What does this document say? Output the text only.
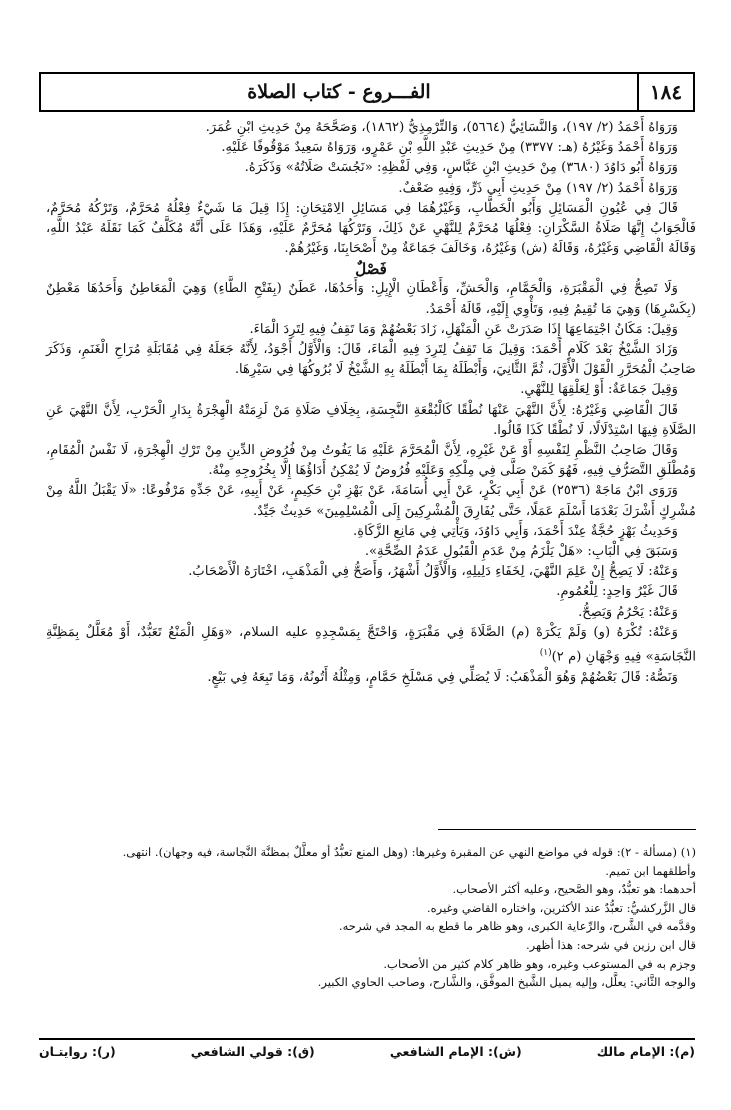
الفـــروع - كتاب الصلاة	١٨٤

وَرَوَاهُ أَحْمَدُ (٢/ ١٩٧)، وَالنَّسَائِيُّ (٥٦٦٤)، وَالتِّرْمِذِيُّ (١٨٦٢)، وَصَحَّحَهُ مِنْ حَدِيثِ ابْنِ عُمَرَ.

وَرَوَاهُ أَحْمَدُ وَغَيْرُهُ (هـ: ٣٣٧٧) مِنْ حَدِيثِ عَبْدِ اللَّهِ بْنِ عَمْرٍو، وَرَوَاهُ سَعِيدٌ مَوْقُوفًا عَلَيْهِ.

وَرَوَاهُ أَبُو دَاوُدَ (٣٦٨٠) مِنْ حَدِيثِ ابْنِ عَبَّاسٍ، وَفِي لَفْظِهِ: «نَجُسَتْ صَلَاتُهُ» وَذَكَرَهُ.

وَرَوَاهُ أَحْمَدُ (٢/ ١٩٧) مِنْ حَدِيثِ أَبِي ذَرٍّ، وَفِيهِ ضَعْفٌ.

قَالَ فِي عُيُونِ الْمَسَائِلِ وَأَبُو الْخَطَّابِ، وَغَيْرُهُمَا فِي مَسَائِلِ الِامْتِحَانِ: إِذَا قِيلَ مَا شَيْءٌ فِعْلُهُ مُحَرَّمٌ، وَتَرْكُهُ مُحَرَّمٌ، فَالْجَوَابُ إِنَّهَا صَلَاةُ السَّكْرَانِ: فِعْلُهَا مُحَرَّمٌ لِلنَّهْيِ عَنْ ذَلِكَ، وَتَرْكُهَا مُحَرَّمٌ عَلَيْهِ، وَهَذَا عَلَى أَنَّهُ مُكَلَّفٌ كَمَا نَقَلَهُ عَبْدُ اللَّهِ، وَقَالَهُ الْقَاضِي وَغَيْرُهُ، وَقَالَهُ (ش) وَغَيْرُهُ، وَخَالَفَ جَمَاعَةٌ مِنْ أَصْحَابِنَا، وَغَيْرُهُمْ.

فَصْلٌ

وَلَا تَصِحُّ فِي الْمَقْبَرَةِ، وَالْحَمَّامِ، وَالْحَشِّ، وَأَعْطَانِ الْإِبِلِ: وَأَحَدُهَا، عَطَنٌ (بِفَتْحِ الطَّاءِ) وَهِيَ الْمَعَاطِنُ وَأَحَدُهَا مَعْطِنٌ (بِكَسْرِهَا) وَهِيَ مَا تُقِيمُ فِيهِ، وَتَأْوِي إِلَيْهِ، قَالَهُ أَحْمَدُ.

وَقِيلَ: مَكَانُ اجْتِمَاعِهَا إِذَا صَدَرَتْ عَنِ الْمَنْهَلِ، زَادَ بَعْضُهُمْ وَمَا تَقِفُ فِيهِ لِتَرِدَ الْمَاءَ.

وَزَادَ الشَّيْخُ بَعْدَ كَلَامِ أَحْمَدَ: وَقِيلَ مَا تَقِفُ لِتَرِدَ فِيهِ الْمَاءَ، قَالَ: وَالْأَوَّلُ أَجْوَدُ، لِأَنَّهُ جَعَلَهُ فِي مُقَابَلَةِ مُرَاحِ الْغَنَمِ، وَذَكَرَ صَاحِبُ الْمُحَرَّرِ الْقَوْلَ الْأَوَّلَ، ثُمَّ الثَّانِيَ، وَأَبْطَلَهُ بِمَا أَبْطَلَهُ بِهِ الشَّيْخُ لَا بُرُوكُهَا فِي سَيْرِهَا.

وَقِيلَ جَمَاعَةٌ: أَوْ لِعَلْقِهَا لِلنَّهْيِ.

قَالَ الْقَاضِي وَغَيْرُهُ: لِأَنَّ النَّهْيَ عَنْهَا نُطْقًا كَالْبُقْعَةِ النَّجِسَةِ، بِخِلَافِ صَلَاةِ مَنْ لَزِمَتْهُ الْهِجْرَةُ بِدَارِ الْحَرْبِ، لِأَنَّ النَّهْيَ عَنِ الصَّلَاةِ فِيهَا اسْتِدْلَالًا، لَا نُطْقًا كَذَا قَالُوا.

وَقَالَ صَاحِبُ النَّظْمِ لِنَفْسِهِ أَوْ عَنْ غَيْرِهِ، لِأَنَّ الْمُحَرَّمَ عَلَيْهِ مَا يَفُوتُ مِنْ فُرُوضِ الدِّينِ مِنْ تَرْكِ الْهِجْرَةِ، لَا نَفْسُ الْمُقَامِ، وَمُطْلَقِ التَّصَرُّفِ فِيهِ، فَهُوَ كَمَنْ صَلَّى فِي مِلْكِهِ وَعَلَيْهِ فُرُوضٌ لَا يُمْكِنُ أَدَاؤُهَا إِلَّا بِخُرُوجِهِ مِنْهُ.

وَرَوَى ابْنُ مَاجَهْ (٢٥٣٦) عَنْ أَبِي بَكْرٍ، عَنْ أَبِي أُسَامَةَ، عَنْ بَهْزِ بْنِ حَكِيمٍ، عَنْ أَبِيهِ، عَنْ جَدِّهِ مَرْفُوعًا: «لَا يَقْبَلُ اللَّهُ مِنْ مُشْرِكٍ أَشْرَكَ بَعْدَمَا أَسْلَمَ عَمَلًا، حَتَّى يُفَارِقَ الْمُشْرِكِينَ إِلَى الْمُسْلِمِينَ» حَدِيثٌ جَيِّدٌ.

وَحَدِيثُ بَهْزٍ حُجَّةٌ عِنْدَ أَحْمَدَ، وَأَبِي دَاوُدَ، وَيَأْتِي فِي مَانِعِ الزَّكَاةِ.

وَسَبَقَ فِي الْبَابِ: «هَلْ يَلْزَمُ مِنْ عَدَمِ الْقَبُولِ عَدَمُ الصِّحَّةِ».

وَعَنْهُ: لَا يَصِحُّ إِنْ عَلِمَ النَّهْيَ، لِخَفَاءِ دَلِيلِهِ، وَالْأَوَّلُ أَشْهَرُ، وَأَصَحُّ فِي الْمَذْهَبِ، اخْتَارَهُ الْأَصْحَابُ.

قَالَ غَيْرُ وَاحِدٍ: لِلْعُمُومِ.

وَعَنْهُ: يَحْرُمُ وَيَصِحُّ.

وَعَنْهُ: تُكْرَهُ (و) وَلَمْ يَكْرَهْ (م) الصَّلَاةَ فِي مَقْبَرَةٍ، وَاحْتَجَّ بِمَسْجِدِهِ عليه السلام، «وَهَلِ الْمَنْعُ تَعَبُّدٌ، أَوْ مُعَلَّلٌ بِمَظِنَّةِ النَّجَاسَةِ» فِيهِ وَجْهَانِ (م ٢)$^{(١)}$

وَنَصُّهُ: قَالَ بَعْضُهُمْ وَهُوَ الْمَذْهَبُ: لَا يُصَلِّي فِي مَسْلَخِ حَمَّامٍ، وَمِثْلُهُ أَتُونُهُ، وَمَا تَبِعَهُ فِي بَيْعٍ.

(١) (مسألة - ٢): قوله في مواضع النهي عن المقبرة وغيرها: (وهل المنع تعبُّدٌ أو معلَّلٌ بمظنَّة النَّجاسة، فيه وجهان). انتهى.

وأطلقهما ابن تميم.

أحدهما: هو تعبُّدٌ، وهو الصَّحيح، وعليه أكثر الأصحاب.

قال الزَّركشيُّ: تعبُّدٌ عند الأكثرين، واختاره القاضي وغيره.

وقدَّمه في الشَّرح، والرِّعاية الكبرى، وهو ظاهر ما قطع به المجد في شرحه.

قال ابن رزين في شرحه: هذا أظهر.

وجزم به في المستوعب وغيره، وهو ظاهر كلام كثير من الأصحاب.

والوجه الثَّاني: يعلَّل، وإليه يميل الشَّيخ الموفَّق، والشَّارح، وصاحب الحاوي الكبير.

(م): الإمام مالك
(ش): الإمام الشافعي
(ق): قولي الشافعي
(ر): روايتـان
